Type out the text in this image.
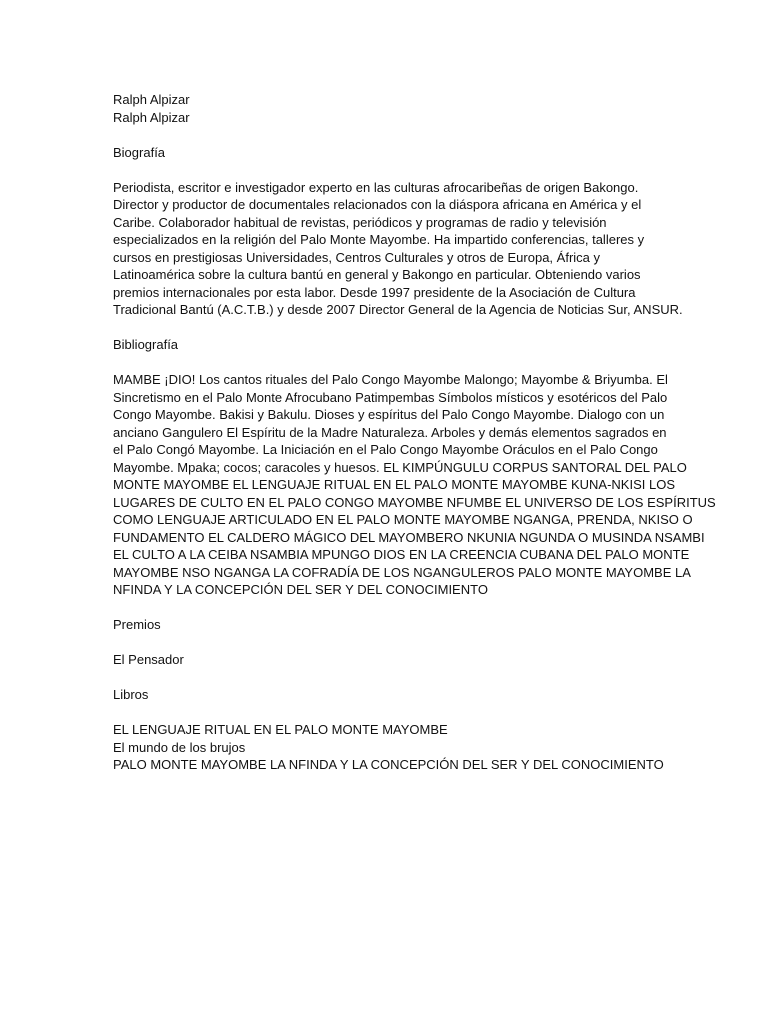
Ralph Alpizar

Ralph Alpizar

Biografía

Periodista, escritor e investigador experto en las culturas afrocaribeñas de origen Bakongo.

Director y productor de documentales relacionados con la diáspora africana en América y el

Caribe. Colaborador habitual de revistas, periódicos y programas de radio y televisión

especializados en la religión del Palo Monte Mayombe. Ha impartido conferencias, talleres y

cursos en prestigiosas Universidades, Centros Culturales y otros de Europa, África y

Latinoamérica sobre la cultura bantú en general y Bakongo en particular. Obteniendo varios

premios internacionales por esta labor. Desde 1997 presidente de la Asociación de Cultura

Tradicional Bantú (A.C.T.B.) y desde 2007 Director General de la Agencia de Noticias Sur, ANSUR.

Bibliografía

MAMBE ¡DIO! Los cantos rituales del Palo Congo Mayombe Malongo; Mayombe & Briyumba. El

Sincretismo en el Palo Monte Afrocubano Patimpembas Símbolos místicos y esotéricos del Palo

Congo Mayombe. Bakisi y Bakulu. Dioses y espíritus del Palo Congo Mayombe. Dialogo con un

anciano Gangulero El Espíritu de la Madre Naturaleza. Arboles y demás elementos sagrados en

el Palo Congó Mayombe. La Iniciación en el Palo Congo Mayombe Oráculos en el Palo Congo

Mayombe. Mpaka; cocos; caracoles y huesos. EL KIMPÚNGULU CORPUS SANTORAL DEL PALO

MONTE MAYOMBE EL LENGUAJE RITUAL EN EL PALO MONTE MAYOMBE KUNA-NKISI LOS

LUGARES DE CULTO EN EL PALO CONGO MAYOMBE NFUMBE EL UNIVERSO DE LOS ESPÍRITUS

COMO LENGUAJE ARTICULADO EN EL PALO MONTE MAYOMBE NGANGA, PRENDA, NKISO O

FUNDAMENTO EL CALDERO MÁGICO DEL MAYOMBERO NKUNIA NGUNDA O MUSINDA NSAMBI

EL CULTO A LA CEIBA NSAMBIA MPUNGO DIOS EN LA CREENCIA CUBANA DEL PALO MONTE

MAYOMBE NSO NGANGA LA COFRADÍA DE LOS NGANGULEROS PALO MONTE MAYOMBE LA

NFINDA Y LA CONCEPCIÓN DEL SER Y DEL CONOCIMIENTO

Premios

El Pensador

Libros

EL LENGUAJE RITUAL EN EL PALO MONTE MAYOMBE

El mundo de los brujos

PALO MONTE MAYOMBE LA NFINDA Y LA CONCEPCIÓN DEL SER Y DEL CONOCIMIENTO
